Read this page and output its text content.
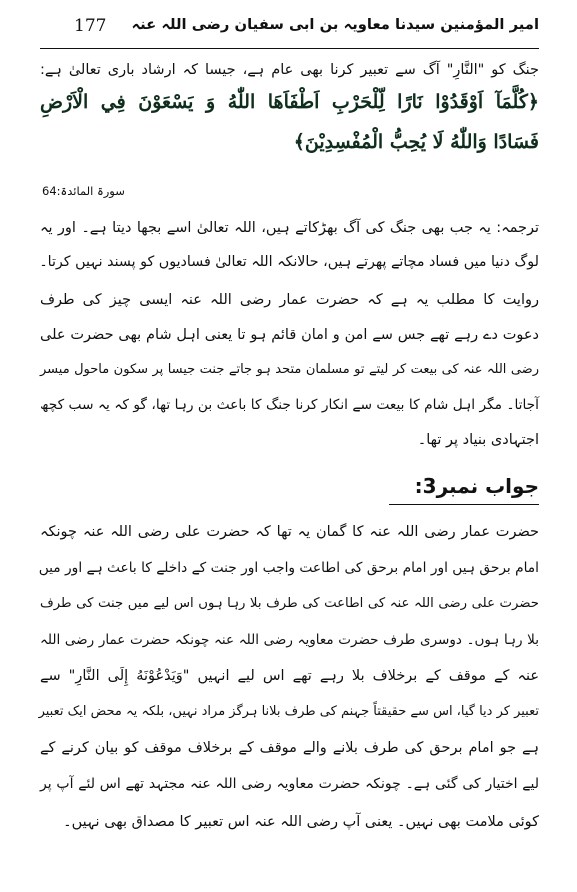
امیر المؤمنین سیدنا معاویہ بن ابی سفیان رضی اللہ عنہ
177
جنگ کو "النَّارِ" آگ سے تعبیر کرنا بھی عام ہے، جیسا کہ ارشاد باری تعالیٰ ہے:
﴿كُلَّمَآ اَوْقَدُوْا نَارًا لِّلْحَرْبِ اَطْفَاَهَا اللّٰهُ وَ يَسْعَوْنَ فِي الْاَرْضِ
فَسَادًا وَاللّٰهُ لَا يُحِبُّ الْمُفْسِدِيْنَ﴾
سورۃ المائدۃ:64
ترجمہ: یہ جب بھی جنگ کی آگ بھڑکاتے ہیں، اللہ تعالیٰ اسے بجھا دیتا ہے۔ اور یہ
لوگ دنیا میں فساد مچاتے پھرتے ہیں، حالانکہ اللہ تعالیٰ فسادیوں کو پسند نہیں کرتا۔
روایت کا مطلب یہ ہے کہ حضرت عمار رضی اللہ عنہ ایسی چیز کی طرف
دعوت دے رہے تھے جس سے امن و امان قائم ہو تا یعنی اہل شام بھی حضرت علی
رضی اللہ عنہ کی بیعت کر لیتے تو مسلمان متحد ہو جاتے جنت جیسا پر سکون ماحول میسر
آجاتا۔ مگر اہل شام کا بیعت سے انکار کرنا جنگ کا باعث بن رہا تھا، گو کہ یہ سب کچھ
اجتہادی بنیاد پر تھا۔
جواب نمبر3:
حضرت عمار رضی اللہ عنہ کا گمان یہ تھا کہ حضرت علی رضی اللہ عنہ چونکہ
امام برحق ہیں اور امام برحق کی اطاعت واجب اور جنت کے داخلے کا باعث ہے اور میں
حضرت علی رضی اللہ عنہ کی اطاعت کی طرف بلا رہا ہوں اس لیے میں جنت کی طرف
بلا رہا ہوں۔ دوسری طرف حضرت معاویہ رضی اللہ عنہ چونکہ حضرت عمار رضی اللہ
عنہ کے موقف کے برخلاف بلا رہے تھے اس لیے انہیں "وَيَدْعُوْنَهُ إِلَى النَّارِ" سے
تعبیر کر دیا گیا، اس سے حقیقتاً جہنم کی طرف بلانا ہرگز مراد نہیں، بلکہ یہ محض ایک تعبیر
ہے جو امام برحق کی طرف بلانے والے موقف کے برخلاف موقف کو بیان کرنے کے
لیے اختیار کی گئی ہے۔ چونکہ حضرت معاویہ رضی اللہ عنہ مجتہد تھے اس لئے آپ پر
کوئی ملامت بھی نہیں۔ یعنی آپ رضی اللہ عنہ اس تعبیر کا مصداق بھی نہیں۔
